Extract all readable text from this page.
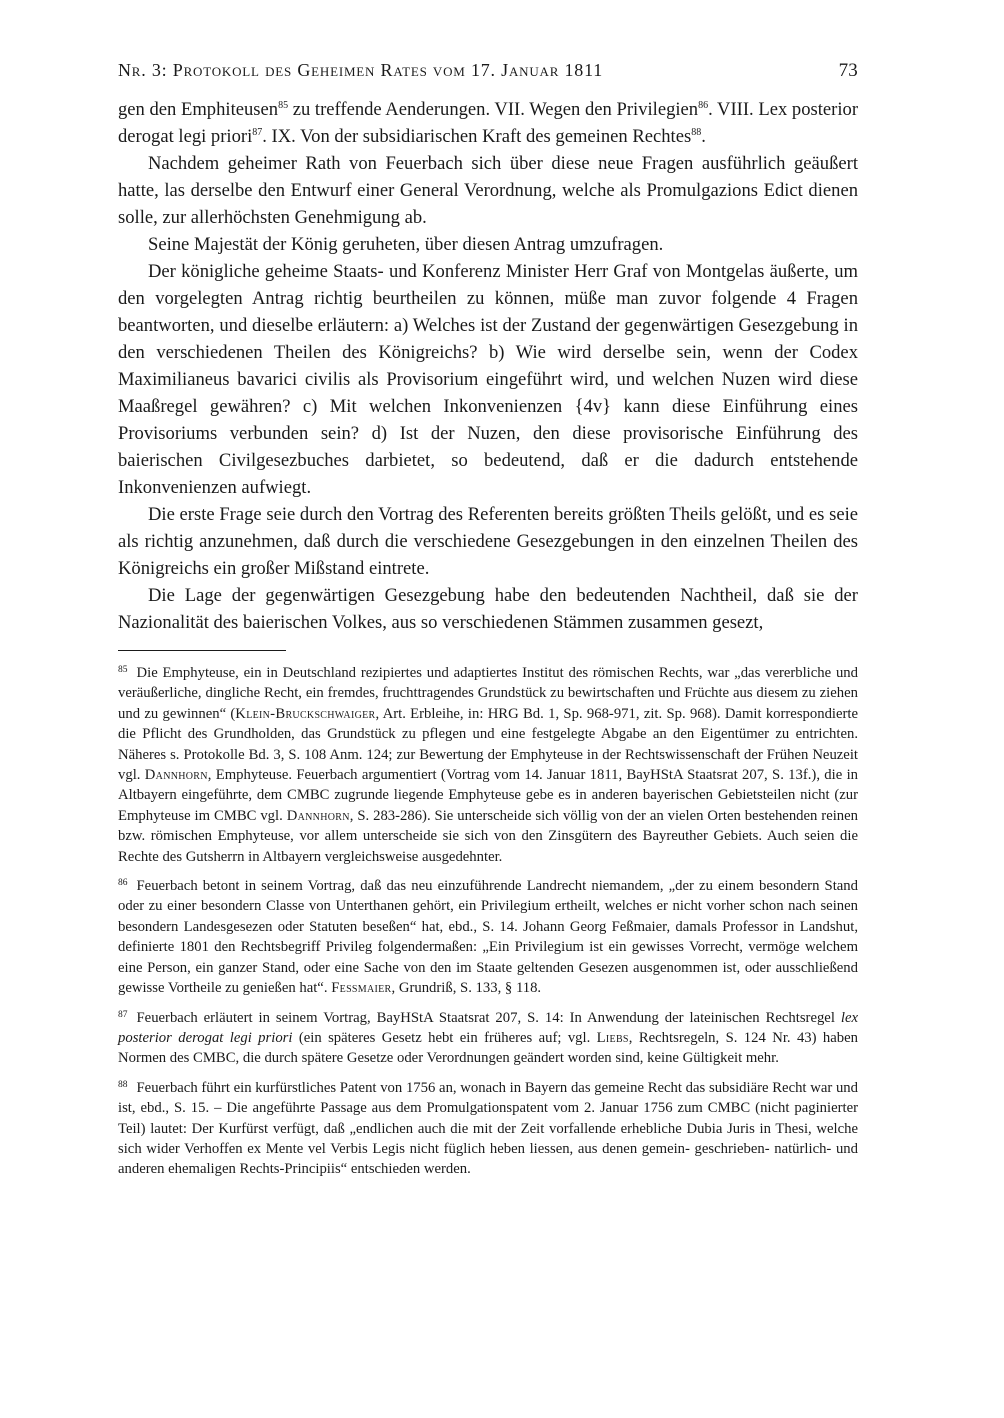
Nr. 3: Protokoll des Geheimen Rates vom 17. Januar 1811	73

gen den Emphiteusen$^{85}$ zu treffende Aenderungen. VII. Wegen den Privilegien$^{86}$. VIII. Lex posterior derogat legi priori$^{87}$. IX. Von der subsidiarischen Kraft des gemeinen Rechtes$^{88}$.

Nachdem geheimer Rath von Feuerbach sich über diese neue Fragen ausführlich geäußert hatte, las derselbe den Entwurf einer General Verordnung, welche als Promulgazions Edict dienen solle, zur allerhöchsten Genehmigung ab.

Seine Majestät der König geruheten, über diesen Antrag umzufragen.

Der königliche geheime Staats- und Konferenz Minister Herr Graf von Montgelas äußerte, um den vorgelegten Antrag richtig beurtheilen zu können, müße man zuvor folgende 4 Fragen beantworten, und dieselbe erläutern: a) Welches ist der Zustand der gegenwärtigen Gesezgebung in den verschiedenen Theilen des Königreichs? b) Wie wird derselbe sein, wenn der Codex Maximilianeus bavarici civilis als Provisorium eingeführt wird, und welchen Nuzen wird diese Maaßregel gewähren? c) Mit welchen Inkonvenienzen {4v} kann diese Einführung eines Provisoriums verbunden sein? d) Ist der Nuzen, den diese provisorische Einführung des baierischen Civilgesezbuches darbietet, so bedeutend, daß er die dadurch entstehende Inkonvenienzen aufwiegt.

Die erste Frage seie durch den Vortrag des Referenten bereits größten Theils gelößt, und es seie als richtig anzunehmen, daß durch die verschiedene Gesezgebungen in den einzelnen Theilen des Königreichs ein großer Mißstand eintrete.

Die Lage der gegenwärtigen Gesezgebung habe den bedeutenden Nachtheil, daß sie der Nazionalität des baierischen Volkes, aus so verschiedenen Stämmen zusammen gesezt,

$^{85}$ Die Emphyteuse, ein in Deutschland rezipiertes und adaptiertes Institut des römischen Rechts, war „das vererbliche und veräußerliche, dingliche Recht, ein fremdes, fruchttragendes Grundstück zu bewirtschaften und Früchte aus diesem zu ziehen und zu gewinnen“ (Klein-Bruckschwaiger, Art. Erbleihe, in: HRG Bd. 1, Sp. 968-971, zit. Sp. 968). Damit korrespondierte die Pflicht des Grundholden, das Grundstück zu pflegen und eine festgelegte Abgabe an den Eigentümer zu entrichten. Näheres s. Protokolle Bd. 3, S. 108 Anm. 124; zur Bewertung der Emphyteuse in der Rechtswissenschaft der Frühen Neuzeit vgl. Dannhorn, Emphyteuse. Feuerbach argumentiert (Vortrag vom 14. Januar 1811, BayHStA Staatsrat 207, S. 13f.), die in Altbayern eingeführte, dem CMBC zugrunde liegende Emphyteuse gebe es in anderen bayerischen Gebietsteilen nicht (zur Emphyteuse im CMBC vgl. Dannhorn, S. 283-286). Sie unterscheide sich völlig von der an vielen Orten bestehenden reinen bzw. römischen Emphyteuse, vor allem unterscheide sie sich von den Zinsgütern des Bayreuther Gebiets. Auch seien die Rechte des Gutsherrn in Altbayern vergleichsweise ausgedehnter.

$^{86}$ Feuerbach betont in seinem Vortrag, daß das neu einzuführende Landrecht niemandem, „der zu einem besondern Stand oder zu einer besondern Classe von Unterthanen gehört, ein Privilegium ertheilt, welches er nicht vorher schon nach seinen besondern Landesgesezen oder Statuten beseßen“ hat, ebd., S. 14. Johann Georg Feßmaier, damals Professor in Landshut, definierte 1801 den Rechtsbegriff Privileg folgendermaßen: „Ein Privilegium ist ein gewisses Vorrecht, vermöge welchem eine Person, ein ganzer Stand, oder eine Sache von den im Staate geltenden Gesezen ausgenommen ist, oder ausschließend gewisse Vortheile zu genießen hat“. Fessmaier, Grundriß, S. 133, § 118.

$^{87}$ Feuerbach erläutert in seinem Vortrag, BayHStA Staatsrat 207, S. 14: In Anwendung der lateinischen Rechtsregel lex posterior derogat legi priori (ein späteres Gesetz hebt ein früheres auf; vgl. Liebs, Rechtsregeln, S. 124 Nr. 43) haben Normen des CMBC, die durch spätere Gesetze oder Verordnungen geändert worden sind, keine Gültigkeit mehr.

$^{88}$ Feuerbach führt ein kurfürstliches Patent von 1756 an, wonach in Bayern das gemeine Recht das subsidiäre Recht war und ist, ebd., S. 15. – Die angeführte Passage aus dem Promulgationspatent vom 2. Januar 1756 zum CMBC (nicht paginierter Teil) lautet: Der Kurfürst verfügt, daß „endlichen auch die mit der Zeit vorfallende erhebliche Dubia Juris in Thesi, welche sich wider Verhoffen ex Mente vel Verbis Legis nicht füglich heben liessen, aus denen gemein- geschrieben- natürlich- und anderen ehemaligen Rechts-Principiis“ entschieden werden.
